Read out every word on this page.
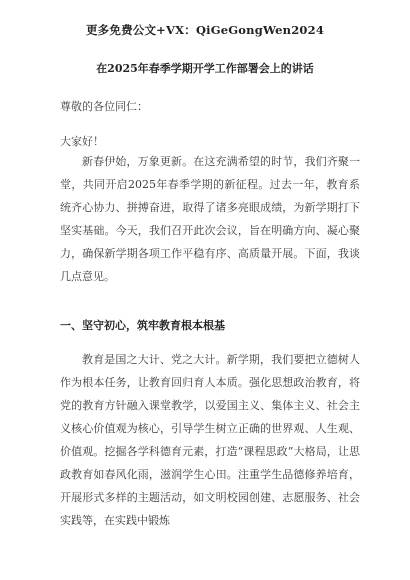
更多免费公文+VX：QiGeGongWen2024
在2025年春季学期开学工作部署会上的讲话

尊敬的各位同仁：

大家好！

新春伊始，万象更新。在这充满希望的时节，我们齐聚一堂，共同开启2025年春季学期的新征程。过去一年，教育系统齐心协力、拼搏奋进，取得了诸多亮眼成绩，为新学期打下坚实基础。今天，我们召开此次会议，旨在明确方向、凝心聚力，确保新学期各项工作平稳有序、高质量开展。下面，我谈几点意见。

一、坚守初心，筑牢教育根本根基

教育是国之大计、党之大计。新学期，我们要把立德树人作为根本任务，让教育回归育人本质。强化思想政治教育，将党的教育方针融入课堂教学，以爱国主义、集体主义、社会主义核心价值观为核心，引导学生树立正确的世界观、人生观、价值观。挖掘各学科德育元素，打造“课程思政”大格局，让思政教育如春风化雨，滋润学生心田。注重学生品德修养培育，开展形式多样的主题活动，如文明校园创建、志愿服务、社会实践等，在实践中锻炼
